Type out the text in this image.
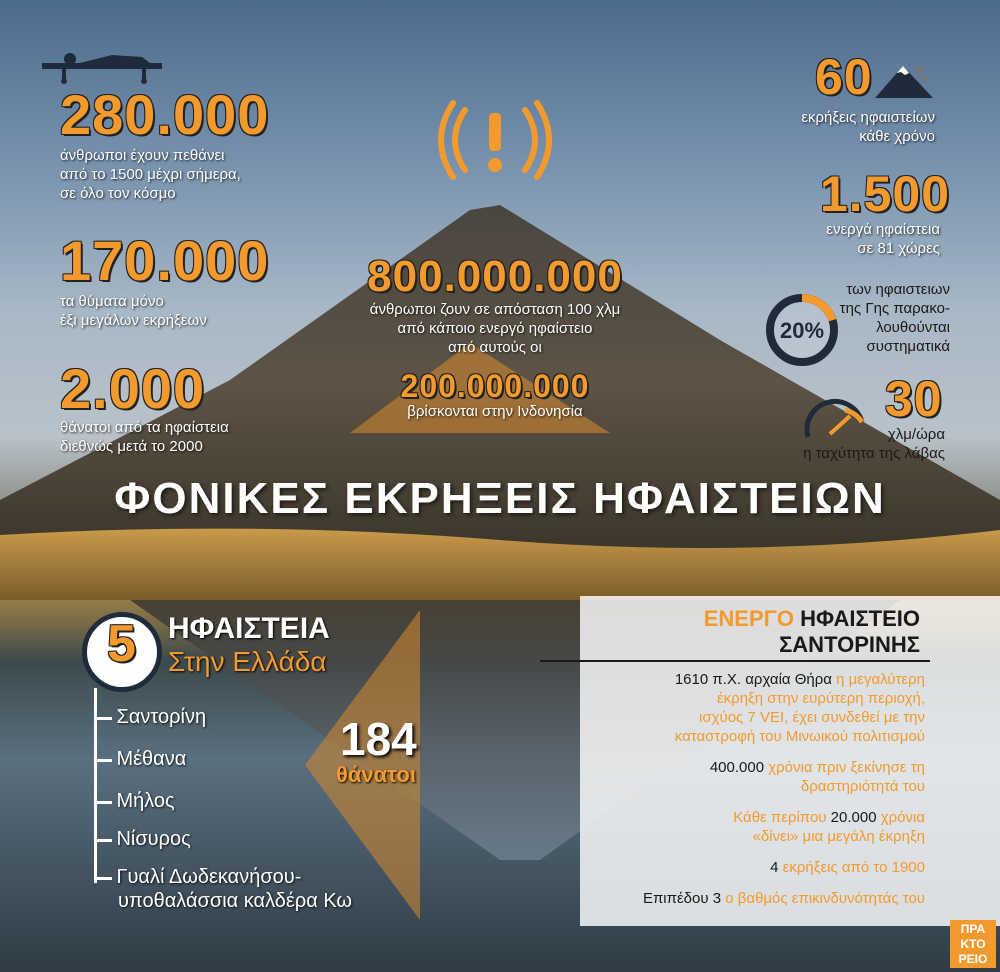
280.000
άνθρωποι έχουν πεθάνει
από το 1500 μέχρι σήμερα,
σε όλο τον κόσμο
170.000
τα θύματα μόνο
έξι μεγάλων εκρήξεων
2.000
θάνατοι από τα ηφαίστεια
διεθνώς μετά το 2000
800.000.000
άνθρωποι ζουν σε απόσταση 100 χλμ
από κάποιο ενεργό ηφαίστειο
από αυτούς οι
200.000.000
βρίσκονται στην Ινδονησία
60
εκρήξεις ηφαιστείων
κάθε χρόνο
1.500
ενεργά ηφαίστεια
σε 81 χώρες
20%
των ηφαιστειων
της Γης παρακο-
λουθούνται
συστηματικά
30
χλμ/ώρα
η ταχύτητα της λάβας
ΦΟΝΙΚΕΣ ΕΚΡΗΞΕΙΣ ΗΦΑΙΣΤΕΙΩΝ
5	ΗΦΑΙΣΤΕΙΑ
Στην Ελλάδα
Σαντορίνη
Μέθανα
Μήλος
Νίσυρος
Γυαλί Δωδεκανήσου-
υποθαλάσσια καλδέρα Κω
184
θάνατοι
ΕΝΕΡΓΟ ΗΦΑΙΣΤΕΙΟ
ΣΑΝΤΟΡΙΝΗΣ
1610 π.Χ. αρχαία Θήρα η μεγαλύτερη
έκρηξη στην ευρύτερη περιοχή,
ισχύος 7 VEI, έχει συνδεθεί με την
καταστροφή του Μινωικού πολιτισμού
400.000 χρόνια πριν ξεκίνησε τη
δραστηριότητά του
Κάθε περίπου 20.000 χρόνια
«δίνει» μια μεγάλη έκρηξη
4 εκρήξεις από το 1900
Επιπέδου 3 ο βαθμός επικινδυνότητάς του
ΠΡΑ
ΚΤΟ
ΡΕΙΟ
